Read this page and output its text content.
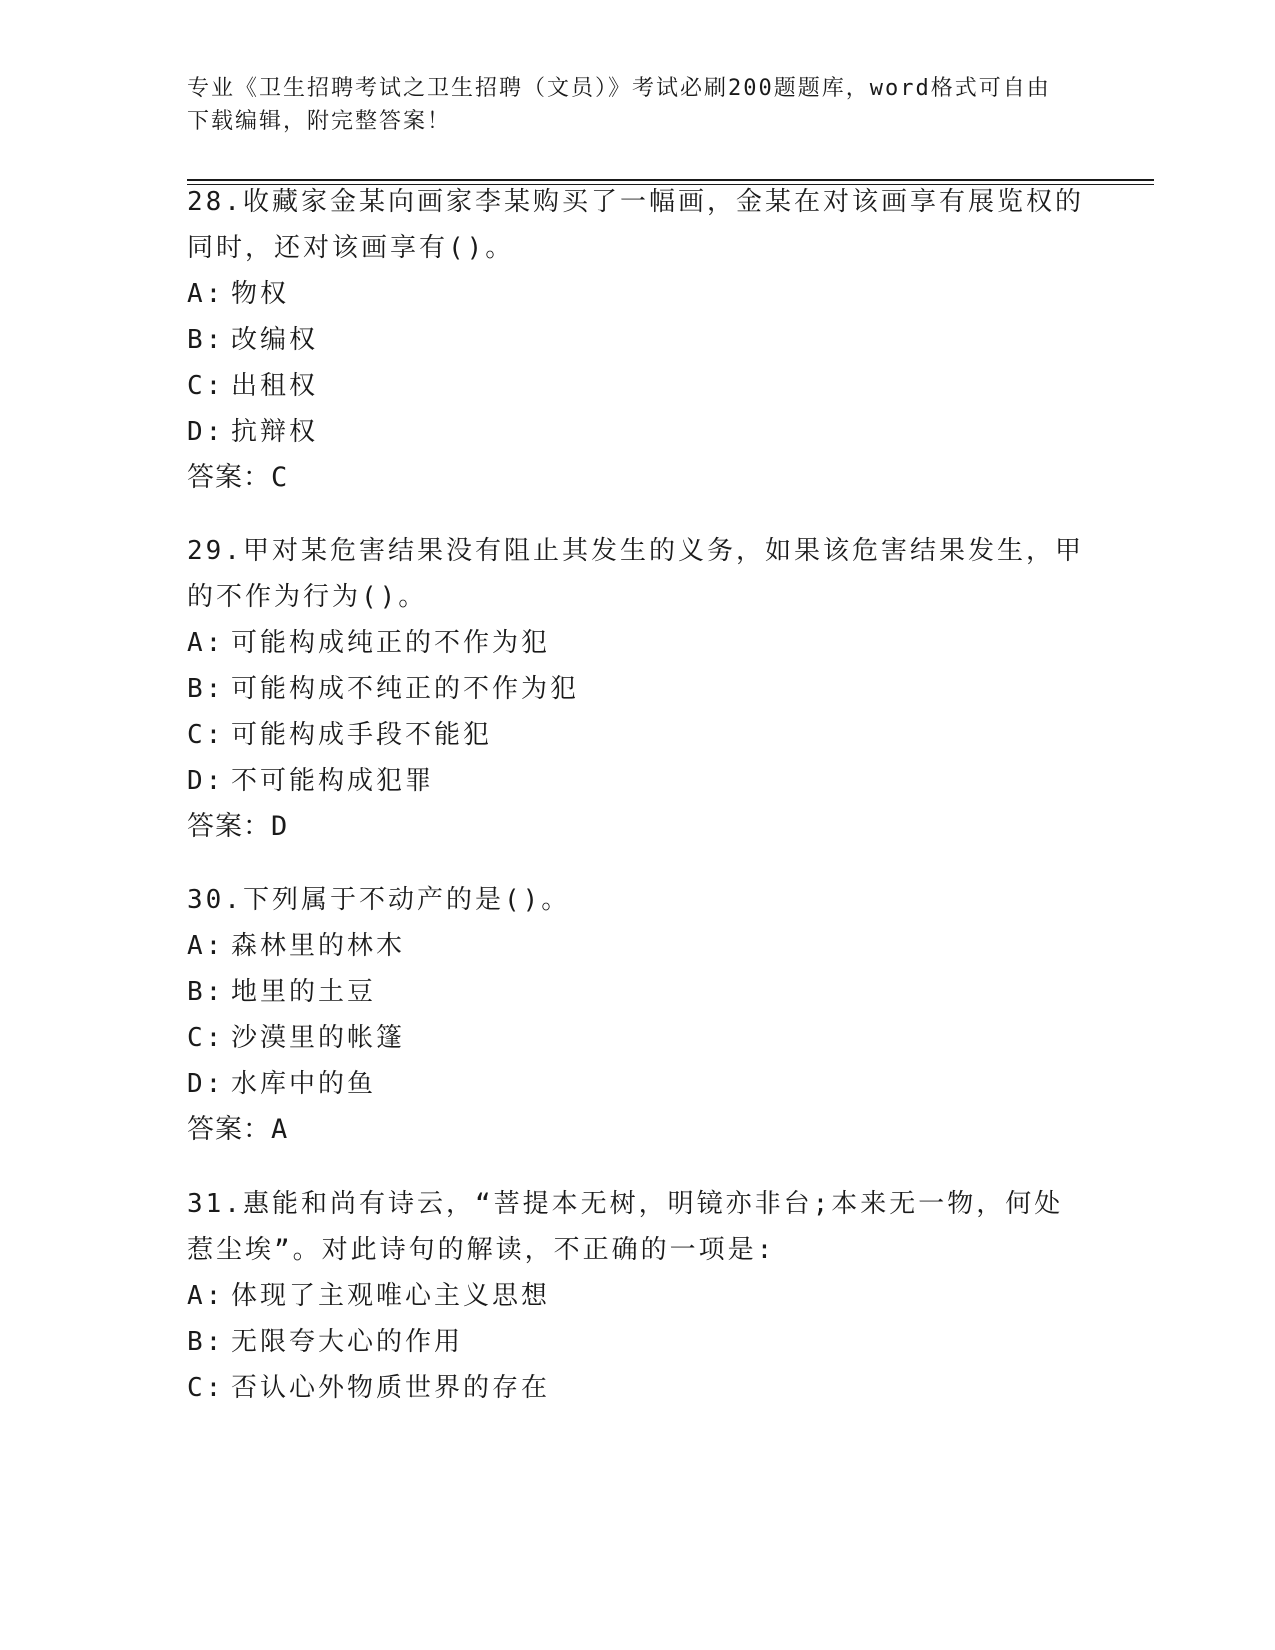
专业《卫生招聘考试之卫生招聘（文员）》考试必刷200题题库，word格式可自由下载编辑，附完整答案！
28.收藏家金某向画家李某购买了一幅画，金某在对该画享有展览权的同时，还对该画享有()。
A: 物权
B: 改编权
C: 出租权
D: 抗辩权
答案：C
29.甲对某危害结果没有阻止其发生的义务，如果该危害结果发生，甲的不作为行为()。
A: 可能构成纯正的不作为犯
B: 可能构成不纯正的不作为犯
C: 可能构成手段不能犯
D: 不可能构成犯罪
答案：D
30.下列属于不动产的是()。
A: 森林里的林木
B: 地里的土豆
C: 沙漠里的帐篷
D: 水库中的鱼
答案：A
31.惠能和尚有诗云，“菩提本无树，明镜亦非台;本来无一物，何处惹尘埃”。对此诗句的解读，不正确的一项是:
A: 体现了主观唯心主义思想
B: 无限夸大心的作用
C: 否认心外物质世界的存在
